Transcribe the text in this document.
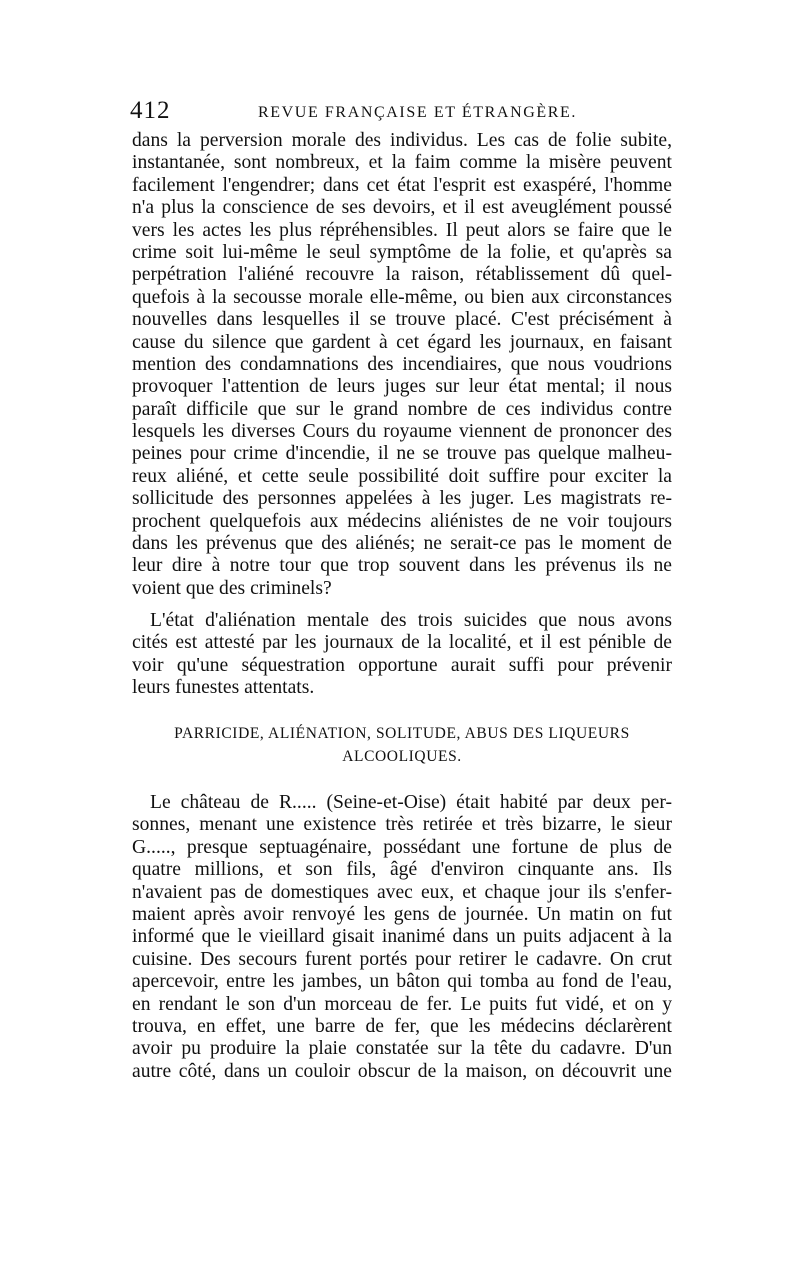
412	REVUE FRANÇAISE ET ÉTRANGÈRE.
dans la perversion morale des individus. Les cas de folie subite,
instantanée, sont nombreux, et la faim comme la misère peuvent
facilement l'engendrer; dans cet état l'esprit est exaspéré, l'homme
n'a plus la conscience de ses devoirs, et il est aveuglément poussé
vers les actes les plus répréhensibles. Il peut alors se faire que le
crime soit lui-même le seul symptôme de la folie, et qu'après sa
perpétration l'aliéné recouvre la raison, rétablissement dû quel-
quefois à la secousse morale elle-même, ou bien aux circonstances
nouvelles dans lesquelles il se trouve placé. C'est précisément à
cause du silence que gardent à cet égard les journaux, en faisant
mention des condamnations des incendiaires, que nous voudrions
provoquer l'attention de leurs juges sur leur état mental; il nous
paraît difficile que sur le grand nombre de ces individus contre
lesquels les diverses Cours du royaume viennent de prononcer des
peines pour crime d'incendie, il ne se trouve pas quelque malheu-
reux aliéné, et cette seule possibilité doit suffire pour exciter la
sollicitude des personnes appelées à les juger. Les magistrats re-
prochent quelquefois aux médecins aliénistes de ne voir toujours
dans les prévenus que des aliénés; ne serait-ce pas le moment de
leur dire à notre tour que trop souvent dans les prévenus ils ne
voient que des criminels?
L'état d'aliénation mentale des trois suicides que nous avons
cités est attesté par les journaux de la localité, et il est pénible de
voir qu'une séquestration opportune aurait suffi pour prévenir
leurs funestes attentats.
PARRICIDE, ALIÉNATION, SOLITUDE, ABUS DES LIQUEURS
ALCOOLIQUES.
Le château de R..... (Seine-et-Oise) était habité par deux per-
sonnes, menant une existence très retirée et très bizarre, le sieur
G....., presque septuagénaire, possédant une fortune de plus de
quatre millions, et son fils, âgé d'environ cinquante ans. Ils
n'avaient pas de domestiques avec eux, et chaque jour ils s'enfer-
maient après avoir renvoyé les gens de journée. Un matin on fut
informé que le vieillard gisait inanimé dans un puits adjacent à la
cuisine. Des secours furent portés pour retirer le cadavre. On crut
apercevoir, entre les jambes, un bâton qui tomba au fond de l'eau,
en rendant le son d'un morceau de fer. Le puits fut vidé, et on y
trouva, en effet, une barre de fer, que les médecins déclarèrent
avoir pu produire la plaie constatée sur la tête du cadavre. D'un
autre côté, dans un couloir obscur de la maison, on découvrit une
